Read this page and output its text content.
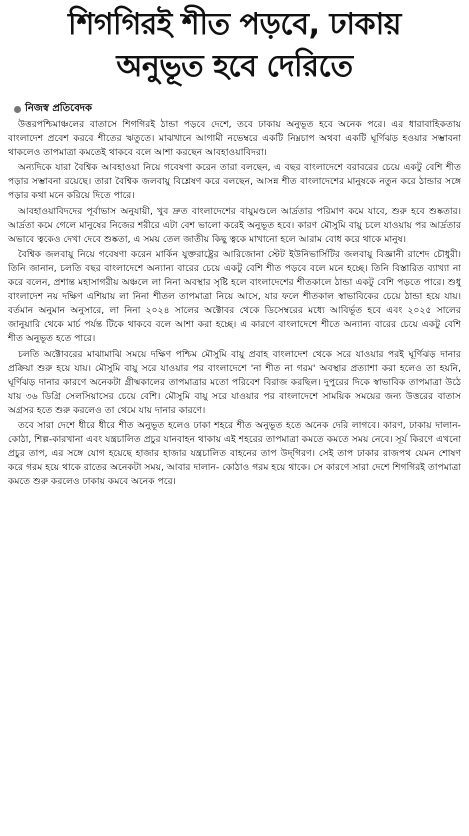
শিগগিরই শীত পড়বে, ঢাকায়
অনুভূত হবে দেরিতে
নিজস্ব প্রতিবেদক

উত্তরপশ্চিমাঞ্চলের বাতাসে শিগগিরই ঠান্ডা পড়বে দেশে, তবে ঢাকায় অনুভূত হবে অনেক পরে। এর ধারাবাহিকতায় বাংলাদেশ প্রবেশ করবে শীতের ঋতুতে। মাঝখানে আগামী নভেম্বরে একটি নিম্নচাপ অথবা একটি ঘূর্ণিঝড় হওয়ার সম্ভাবনা থাকলেও তাপমাত্রা কমতেই থাকবে বলে আশা করছেন আবহাওয়াবিদরা।

অন্যদিকে যারা বৈশ্বিক আবহাওয়া নিয়ে গবেষণা করেন তারা বলছেন, এ বছর বাংলাদেশে বরাবরের চেয়ে একটু বেশি শীত পড়ার সম্ভাবনা রয়েছে। তারা বৈশ্বিক জলবায়ু বিশ্লেষণ করে বলছেন, আসন্ন শীত বাংলাদেশের মানুষকে নতুন করে ঠান্ডার সঙ্গে পড়ার কথা মনে করিয়ে দিতে পারে।

আবহাওয়াবিদদের পূর্বাভাস অনুযায়ী, খুব দ্রুত বাংলাদেশের বায়ুমণ্ডলে আর্দ্রতার পরিমাণ কমে যাবে, শুরু হবে শুষ্কতার। আর্দ্রতা কমে গেলে মানুষের নিজের শরীরে এটা বেশ ভালো করেই অনুভূত হবে। কারণ মৌসুমি বায়ু চলে যাওয়ায় পর আর্দ্রতার অভাবে ত্বকেও দেখা দেবে শুষ্কতা, এ সময় তেল জাতীয় কিছু ত্বকে মাখানো হলে আরাম বোধ করে থাকে মানুষ।

বৈশ্বিক জলবায়ু নিয়ে গবেষণা করেন মার্কিন যুক্তরাষ্ট্রের আরিজোনা স্টেট ইউনিভার্সিটির জলবায়ু বিজ্ঞানী রাশেদ চৌধুরী। তিনি জানান, চলতি বছর বাংলাদেশে অন্যান্য বারের চেয়ে একটু বেশি শীত পড়বে বলে মনে হচ্ছে। তিনি বিস্তারিত ব্যাখ্যা না করে বলেন, প্রশান্ত মহাসাগরীয় অঞ্চলে লা নিনা অবস্থার সৃষ্টি হলে বাংলাদেশের শীতকালে ঠান্ডা একটু বেশি পড়তে পারে। শুধু বাংলাদেশ নয় দক্ষিণ এশিয়ায় লা নিনা শীতল তাপমাত্রা নিয়ে আসে, যার ফলে শীতকাল স্বাভাবিকের চেয়ে ঠান্ডা হয়ে যায়। বর্তমান অনুমান অনুসারে, লা নিনা ২০২৪ সালের অক্টোবর থেকে ডিসেম্বরের মধ্যে আবির্ভূত হবে এবং ২০২৫ সালের জানুয়ারি থেকে মার্চ পর্যন্ত টিকে থাকবে বলে আশা করা হচ্ছে। এ কারণে বাংলাদেশে শীতে অন্যান্য বারের চেয়ে একটু বেশি শীত অনুভূত হতে পারে।

চলতি অক্টোবরের মাঝামাঝি সময়ে দক্ষিণ পশ্চিম মৌসুমি বায়ু প্রবাহ বাংলাদেশ থেকে সরে যাওয়ার পরই ঘূর্ণিঝড় দানার প্রক্রিয়া শুরু হয়ে যায়। মৌসুমি বায়ু সরে যাওয়ার পর বাংলাদেশে 'না শীত না গরম' অবস্থার প্রত্যাশা করা হলেও তা হয়নি, ঘূর্ণিঝড় দানার কারণে অনেকটা গ্রীষ্মকালের তাপমাত্রার মতো পরিবেশ বিরাজ করছিল। দুপুরের দিকে স্বাভাবিক তাপমাত্রা উঠে যায় ৩৬ ডিগ্রি সেলসিয়াসের চেয়ে বেশি। মৌসুমি বায়ু সরে যাওয়ার পর বাংলাদেশে সাময়িক সময়ের জন্য উত্তরের বাতাস অগ্রসর হতে শুরু করলেও তা থেমে যায় দানার কারণে।

তবে সারা দেশে ধীরে ধীরে শীত অনুভূত হলেও ঢাকা শহরে শীত অনুভূত হতে অনেক দেরি লাগবে। কারণ, ঢাকায় দালান-কোঠা, শিল্প-কারখানা এবং যন্ত্রচালিত প্রচুর যানবাহন থাকায় এই শহরের তাপমাত্রা কমতে কমতে সময় নেবে। সূর্য কিরণে এখনো প্রচুর তাপ, এর সঙ্গে যোগ হয়েছে হাজার হাজার যন্ত্রচালিত বাহনের তাপ উদ্‌গিরণ। সেই তাপ ঢাকার রাজপথ যেমন শোষণ করে গরম হয়ে থাকে রাতের অনেকটা সময়, আবার দালান- কোঠাও গরম হয়ে থাকে। সে কারণে সারা দেশে শিগগিরই তাপমাত্রা কমতে শুরু করলেও ঢাকায় কমবে অনেক পরে।
